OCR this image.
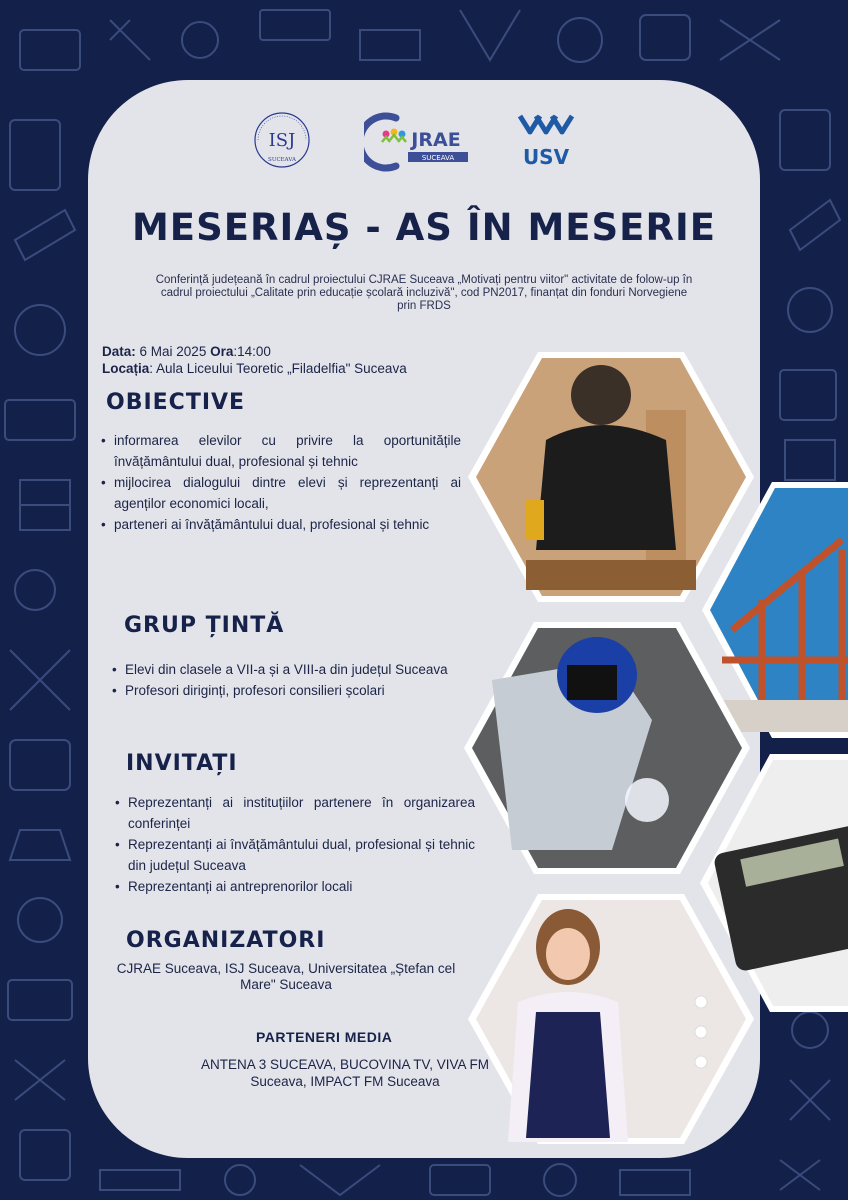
ISJ
SUCEAVA
JRAE
SUCEAVA	USV
MESERIAȘ - AS ÎN MESERIE

Conferință județeană în cadrul proiectului CJRAE Suceava „Motivați pentru viitor" activitate de folow-up în cadrul proiectului „Calitate prin educație școlară incluzivă", cod PN2017, finanțat din fonduri Norvegiene prin FRDS

Data: 6 Mai 2025 Ora:14:00
Locația: Aula Liceului Teoretic „Filadelfia" Suceava
OBIECTIVE
• informarea elevilor cu privire la oportunitățile învățământului dual, profesional și tehnic
• mijlocirea dialogului dintre elevi și reprezentanți ai agenților economici locali,
• parteneri ai învățământului dual, profesional și tehnic
GRUP ȚINTĂ
• Elevi din clasele a VII-a și a VIII-a din județul Suceava
• Profesori diriginți, profesori consilieri școlari
INVITAȚI
• Reprezentanți ai instituțiilor partenere în organizarea conferinței
• Reprezentanți ai învățământului dual, profesional și tehnic din județul Suceava
• Reprezentanți ai antreprenorilor locali
ORGANIZATORI

CJRAE Suceava, ISJ Suceava, Universitatea „Ștefan cel Mare" Suceava

PARTENERI MEDIA

ANTENA 3 SUCEAVA, BUCOVINA TV, VIVA FM Suceava, IMPACT FM Suceava
